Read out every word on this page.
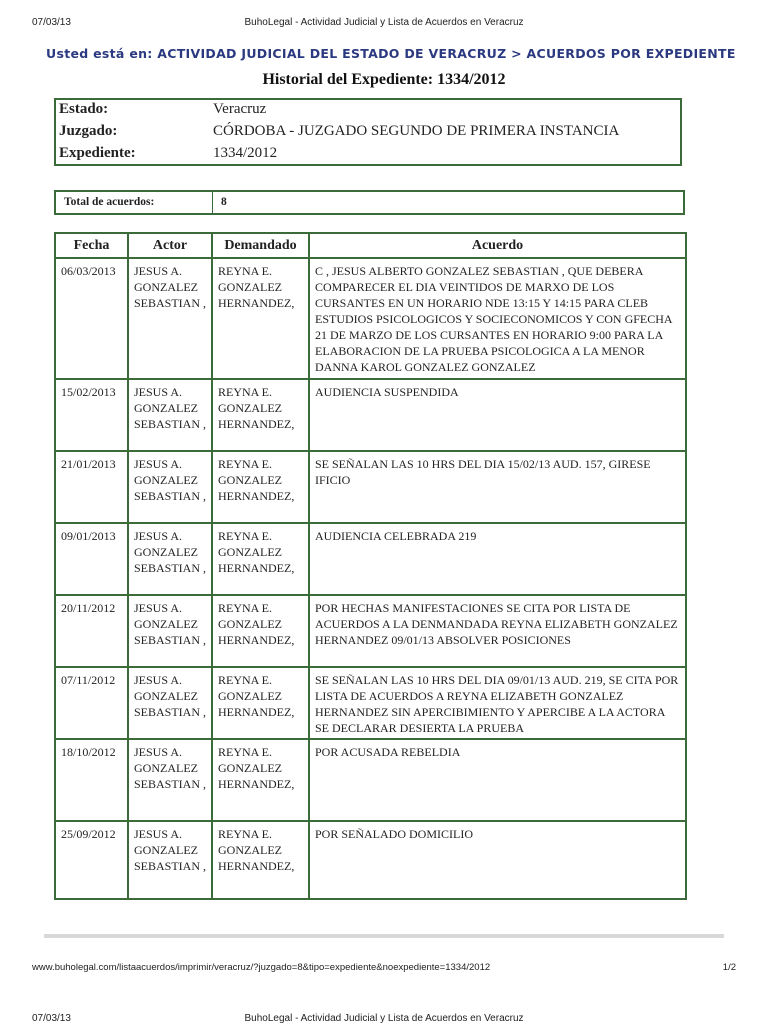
07/03/13	BuhoLegal - Actividad Judicial y Lista de Acuerdos en Veracruz
Usted está en: ACTIVIDAD JUDICIAL DEL ESTADO DE VERACRUZ > ACUERDOS POR EXPEDIENTE
Historial del Expediente: 1334/2012
Estado:	Veracruz
Juzgado:	CÓRDOBA - JUZGADO SEGUNDO DE PRIMERA INSTANCIA
Expediente:	1334/2012
Total de acuerdos:	8
Fecha	Actor	Demandado	Acuerdo
06/03/2013	JESUS A. GONZALEZ SEBASTIAN ,	REYNA E. GONZALEZ HERNANDEZ,	C , JESUS ALBERTO GONZALEZ SEBASTIAN , QUE DEBERA COMPARECER EL DIA VEINTIDOS DE MARXO DE LOS CURSANTES EN UN HORARIO NDE 13:15 Y 14:15 PARA CLEB ESTUDIOS PSICOLOGICOS Y SOCIECONOMICOS Y CON GFECHA 21 DE MARZO DE LOS CURSANTES EN HORARIO 9:00 PARA LA ELABORACION DE LA PRUEBA PSICOLOGICA A LA MENOR DANNA KAROL GONZALEZ GONZALEZ
15/02/2013	JESUS A. GONZALEZ SEBASTIAN ,	REYNA E. GONZALEZ HERNANDEZ,	AUDIENCIA SUSPENDIDA
21/01/2013	JESUS A. GONZALEZ SEBASTIAN ,	REYNA E. GONZALEZ HERNANDEZ,	SE SEÑALAN LAS 10 HRS DEL DIA 15/02/13 AUD. 157, GIRESE IFICIO
09/01/2013	JESUS A. GONZALEZ SEBASTIAN ,	REYNA E. GONZALEZ HERNANDEZ,	AUDIENCIA CELEBRADA 219
20/11/2012	JESUS A. GONZALEZ SEBASTIAN ,	REYNA E. GONZALEZ HERNANDEZ,	POR HECHAS MANIFESTACIONES SE CITA POR LISTA DE ACUERDOS A LA DENMANDADA REYNA ELIZABETH GONZALEZ HERNANDEZ 09/01/13 ABSOLVER POSICIONES
07/11/2012	JESUS A. GONZALEZ SEBASTIAN ,	REYNA E. GONZALEZ HERNANDEZ,	SE SEÑALAN LAS 10 HRS DEL DIA 09/01/13 AUD. 219, SE CITA POR LISTA DE ACUERDOS A REYNA ELIZABETH GONZALEZ HERNANDEZ SIN APERCIBIMIENTO Y APERCIBE A LA ACTORA SE DECLARAR DESIERTA LA PRUEBA
18/10/2012	JESUS A. GONZALEZ SEBASTIAN ,	REYNA E. GONZALEZ HERNANDEZ,	POR ACUSADA REBELDIA
25/09/2012	JESUS A. GONZALEZ SEBASTIAN ,	REYNA E. GONZALEZ HERNANDEZ,	POR SEÑALADO DOMICILIO
www.buholegal.com/listaacuerdos/imprimir/veracruz/?juzgado=8&tipo=expediente&noexpediente=1334/2012	1/2
07/03/13	BuhoLegal - Actividad Judicial y Lista de Acuerdos en Veracruz
